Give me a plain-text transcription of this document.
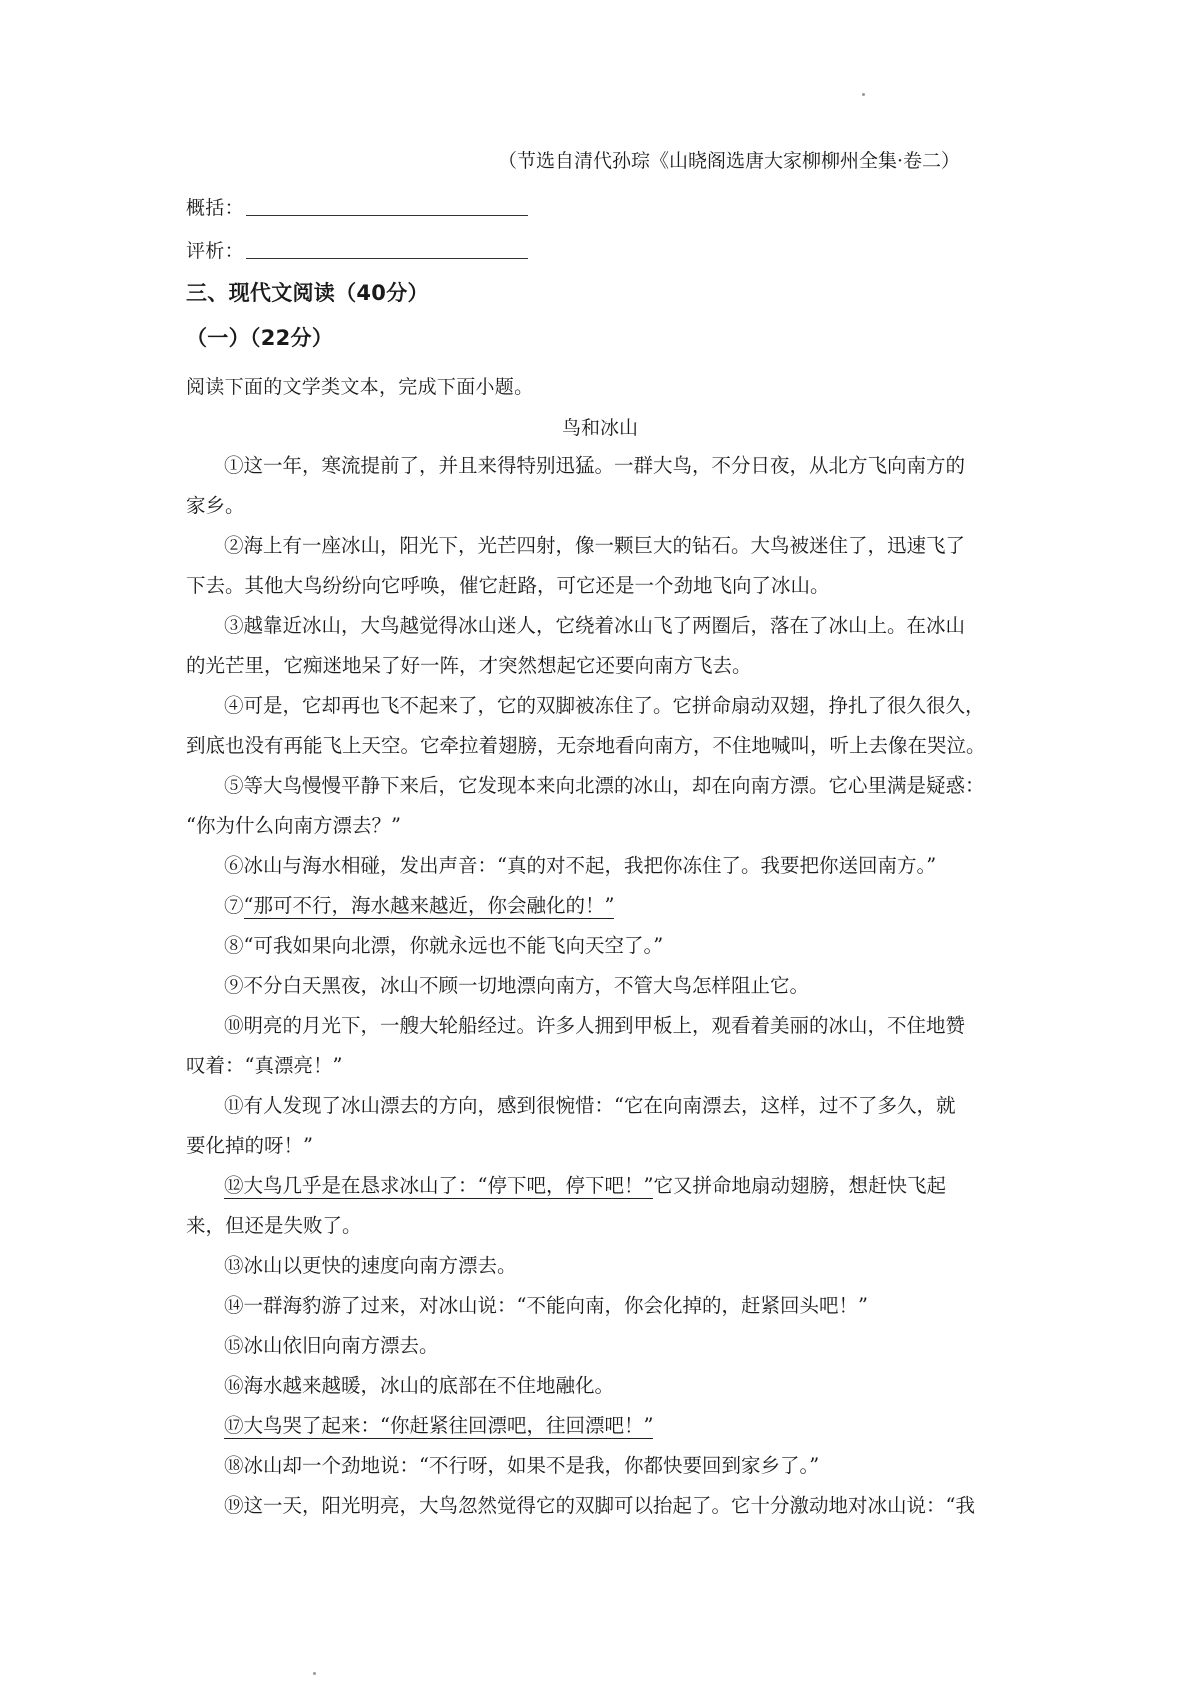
（节选自清代孙琮《山晓阁选唐大家柳柳州全集·卷二）
概括：
评析：
三、现代文阅读（40分）
（一）（22分）
阅读下面的文学类文本，完成下面小题。
鸟和冰山
①这一年，寒流提前了，并且来得特别迅猛。一群大鸟，不分日夜，从北方飞向南方的
家乡。
②海上有一座冰山，阳光下，光芒四射，像一颗巨大的钻石。大鸟被迷住了，迅速飞了
下去。其他大鸟纷纷向它呼唤，催它赶路，可它还是一个劲地飞向了冰山。
③越靠近冰山，大鸟越觉得冰山迷人，它绕着冰山飞了两圈后，落在了冰山上。在冰山
的光芒里，它痴迷地呆了好一阵，才突然想起它还要向南方飞去。
④可是，它却再也飞不起来了，它的双脚被冻住了。它拼命扇动双翅，挣扎了很久很久，
到底也没有再能飞上天空。它牵拉着翅膀，无奈地看向南方，不住地喊叫，听上去像在哭泣。
⑤等大鸟慢慢平静下来后，它发现本来向北漂的冰山，却在向南方漂。它心里满是疑惑：
“你为什么向南方漂去？”
⑥冰山与海水相碰，发出声音：“真的对不起，我把你冻住了。我要把你送回南方。”
⑦“那可不行，海水越来越近，你会融化的！”
⑧“可我如果向北漂，你就永远也不能飞向天空了。”
⑨不分白天黑夜，冰山不顾一切地漂向南方，不管大鸟怎样阻止它。
⑩明亮的月光下，一艘大轮船经过。许多人拥到甲板上，观看着美丽的冰山，不住地赞
叹着：“真漂亮！”
⑪有人发现了冰山漂去的方向，感到很惋惜：“它在向南漂去，这样，过不了多久，就
要化掉的呀！”
⑫大鸟几乎是在恳求冰山了：“停下吧，停下吧！”它又拼命地扇动翅膀，想赶快飞起
来，但还是失败了。
⑬冰山以更快的速度向南方漂去。
⑭一群海豹游了过来，对冰山说：“不能向南，你会化掉的，赶紧回头吧！”
⑮冰山依旧向南方漂去。
⑯海水越来越暖，冰山的底部在不住地融化。
⑰大鸟哭了起来：“你赶紧往回漂吧，往回漂吧！”
⑱冰山却一个劲地说：“不行呀，如果不是我，你都快要回到家乡了。”
⑲这一天，阳光明亮，大鸟忽然觉得它的双脚可以抬起了。它十分激动地对冰山说：“我
